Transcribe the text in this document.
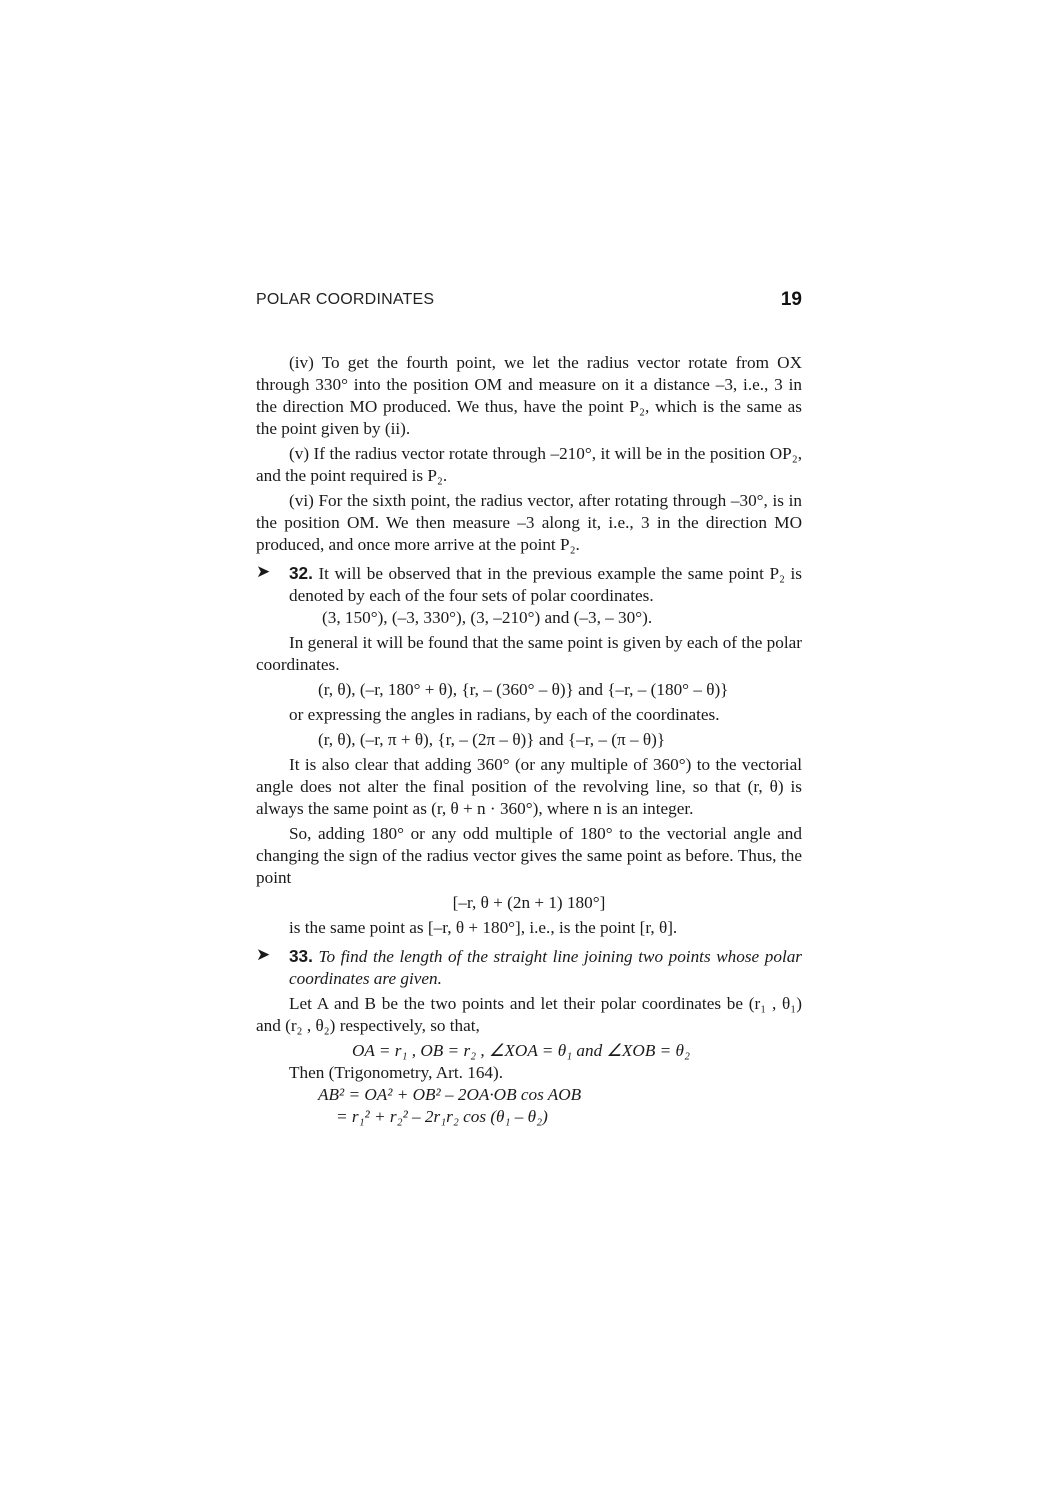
POLAR COORDINATES	19

(iv) To get the fourth point, we let the radius vector rotate from OX through 330° into the position OM and measure on it a distance –3, i.e., 3 in the direction MO produced. We thus, have the point P₂, which is the same as the point given by (ii).

(v) If the radius vector rotate through –210°, it will be in the position OP₂, and the point required is P₂.

(vi) For the sixth point, the radius vector, after rotating through –30°, is in the position OM. We then measure –3 along it, i.e., 3 in the direction MO produced, and once more arrive at the point P₂.

➤ 32. It will be observed that in the previous example the same point P₂ is denoted by each of the four sets of polar coordinates.
(3, 150°), (–3, 330°), (3, –210°) and (–3, – 30°).

In general it will be found that the same point is given by each of the polar coordinates.

(r, θ), (–r, 180° + θ), {r, – (360° – θ)} and {–r, – (180° – θ)}
or expressing the angles in radians, by each of the coordinates.
(r, θ), (–r, π + θ), {r, – (2π – θ)} and {–r, – (π – θ)}

It is also clear that adding 360° (or any multiple of 360°) to the vectorial angle does not alter the final position of the revolving line, so that (r, θ) is always the same point as (r, θ + n · 360°), where n is an integer.

So, adding 180° or any odd multiple of 180° to the vectorial angle and changing the sign of the radius vector gives the same point as before. Thus, the point

[–r, θ + (2n + 1) 180°]
is the same point as [–r, θ + 180°], i.e., is the point [r, θ].
➤ 33. To find the length of the straight line joining two points whose polar coordinates are given.

Let A and B be the two points and let their polar coordinates be (r₁ , θ₁) and (r₂ , θ₂) respectively, so that,

OA = r₁ , OB = r₂ , ∠XOA = θ₁ and ∠XOB = θ₂
Then (Trigonometry, Art. 164).
AB² = OA² + OB² – 2OA·OB cos AOB
= r₁² + r₂² – 2r₁r₂ cos (θ₁ – θ₂)
